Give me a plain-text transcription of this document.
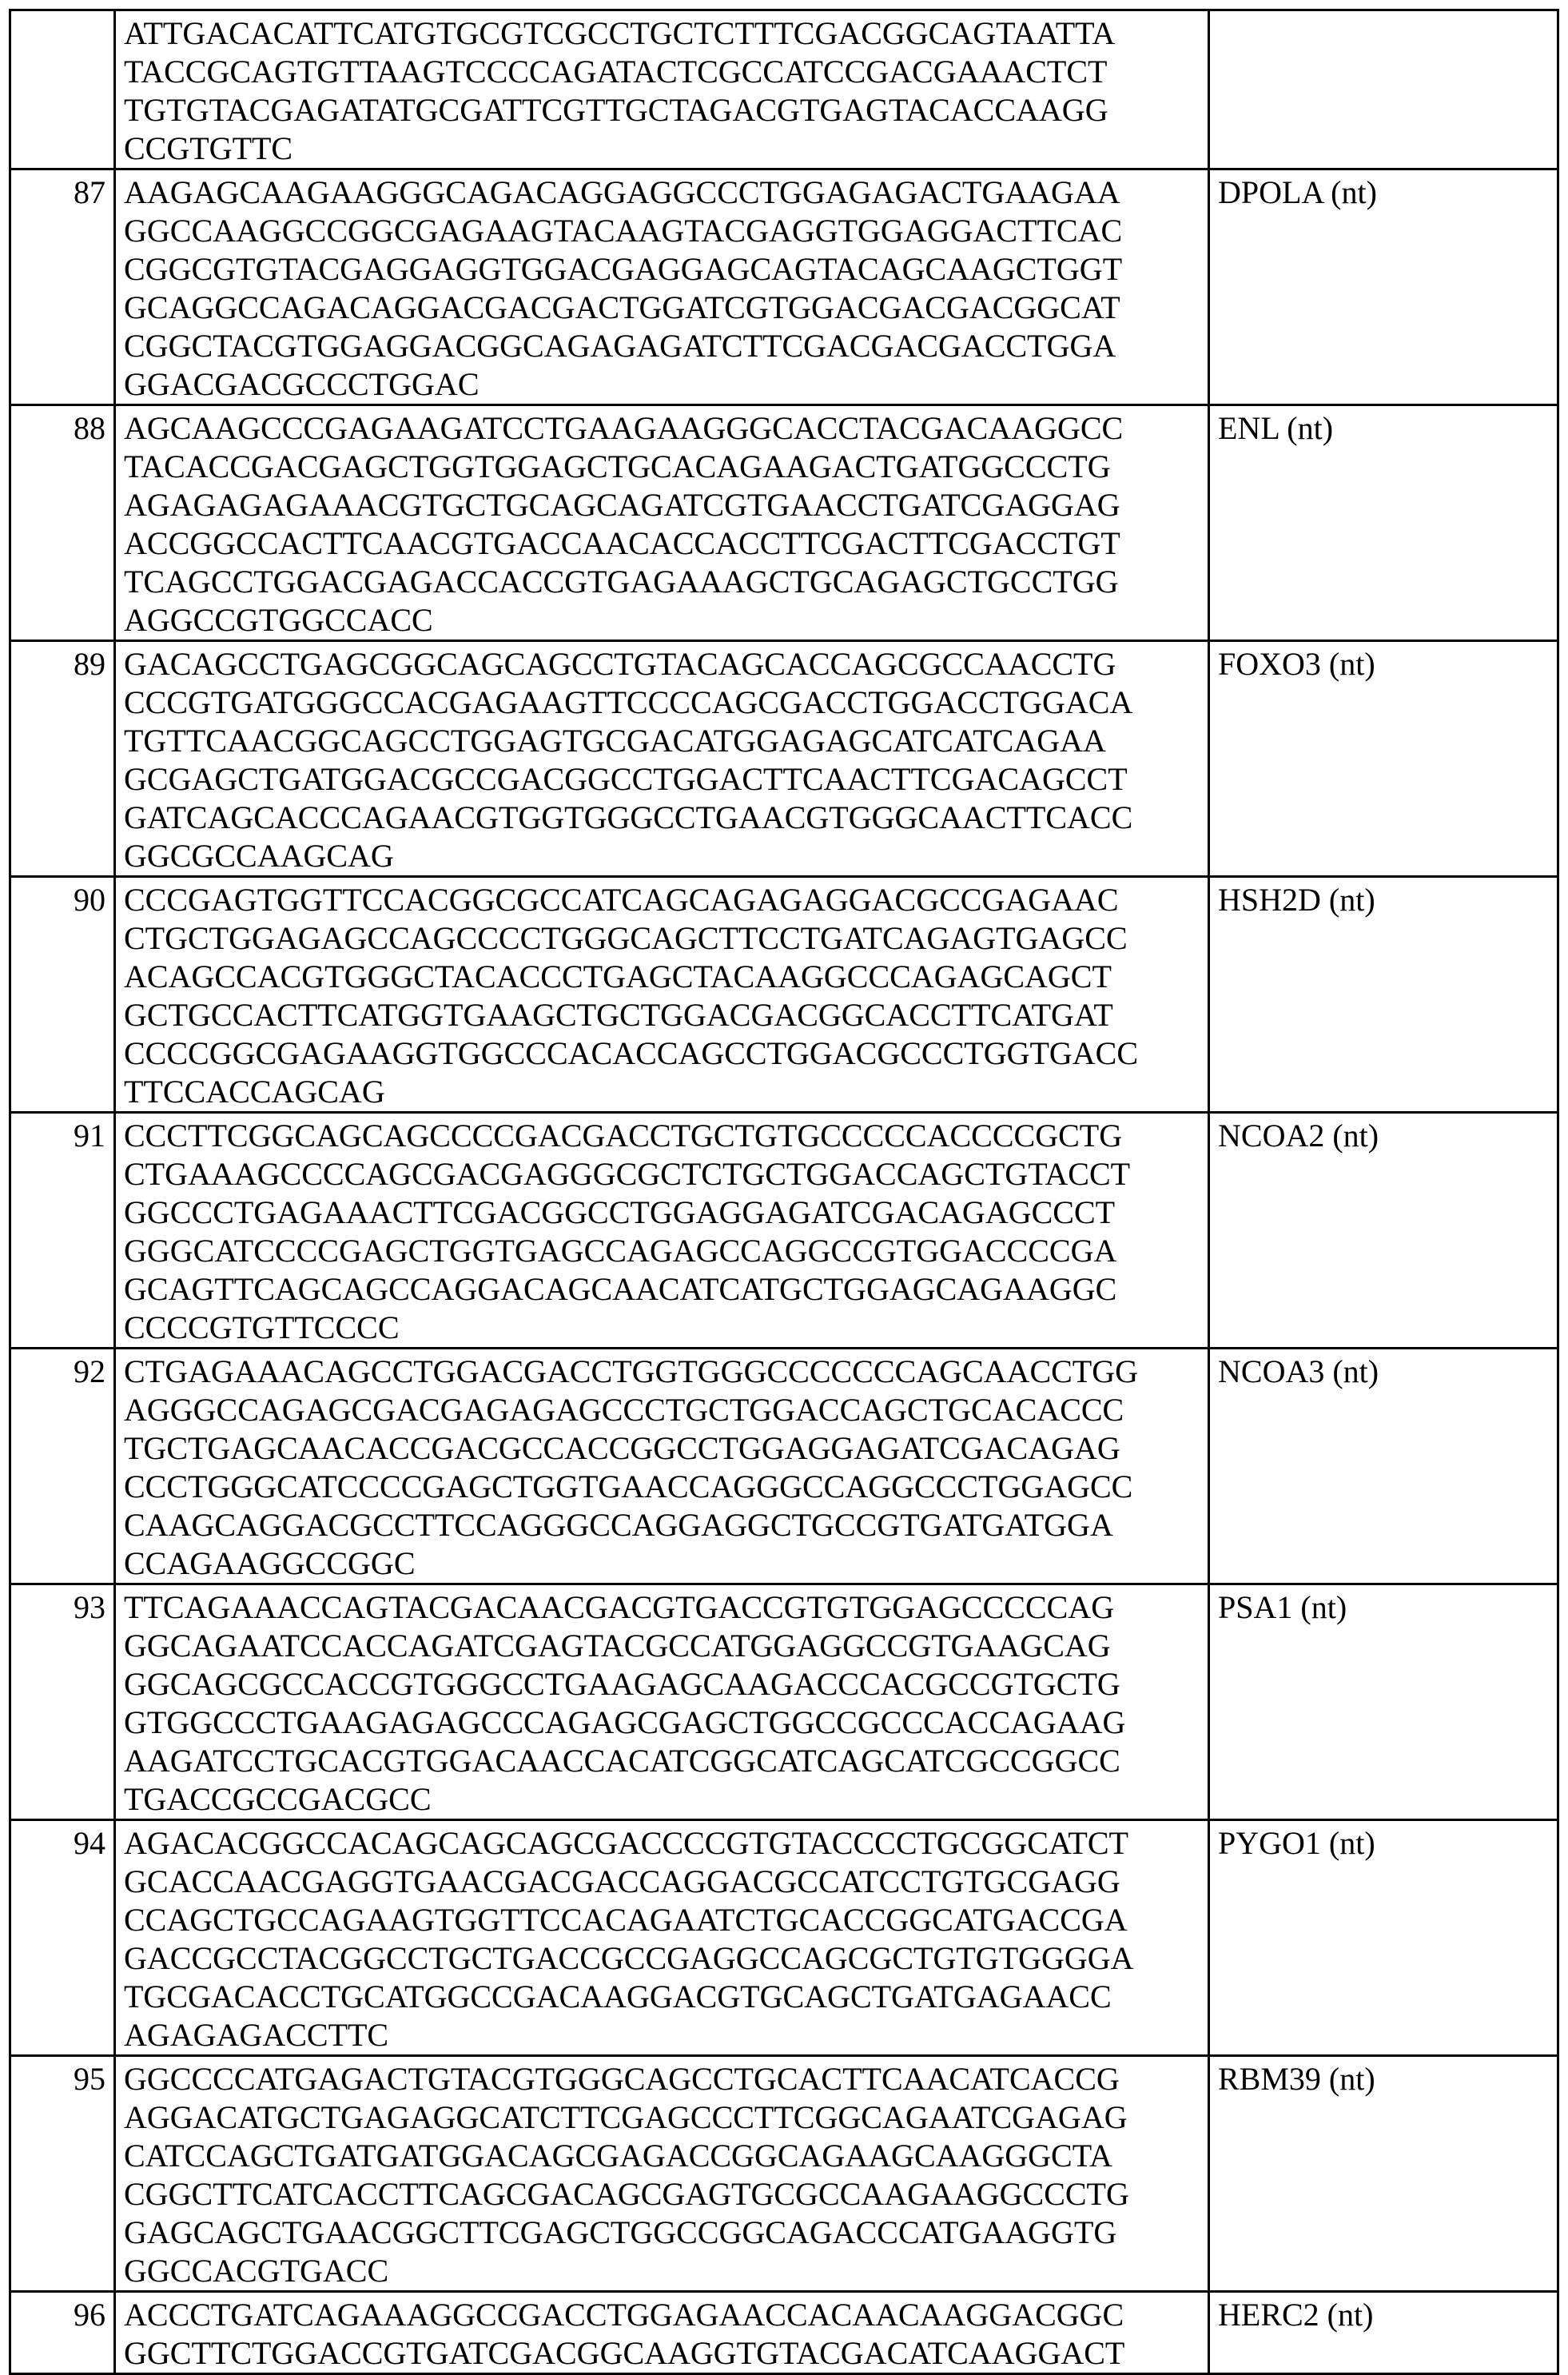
	ATTGACACATTCATGTGCGTCGCCTGCTCTTTCGACGGCAGTAATTA
TACCGCAGTGTTAAGTCCCCAGATACTCGCCATCCGACGAAACTCT
TGTGTACGAGATATGCGATTCGTTGCTAGACGTGAGTACACCAAGG
CCGTGTTC	

87	AAGAGCAAGAAGGGCAGACAGGAGGCCCTGGAGAGACTGAAGAA
GGCCAAGGCCGGCGAGAAGTACAAGTACGAGGTGGAGGACTTCAC
CGGCGTGTACGAGGAGGTGGACGAGGAGCAGTACAGCAAGCTGGT
GCAGGCCAGACAGGACGACGACTGGATCGTGGACGACGACGGCAT
CGGCTACGTGGAGGACGGCAGAGAGATCTTCGACGACGACCTGGA
GGACGACGCCCTGGAC
	DPOLA (nt)
88	AGCAAGCCCGAGAAGATCCTGAAGAAGGGCACCTACGACAAGGCC
TACACCGACGAGCTGGTGGAGCTGCACAGAAGACTGATGGCCCTG
AGAGAGAGAAACGTGCTGCAGCAGATCGTGAACCTGATCGAGGAG
ACCGGCCACTTCAACGTGACCAACACCACCTTCGACTTCGACCTGT
TCAGCCTGGACGAGACCACCGTGAGAAAGCTGCAGAGCTGCCTGG
AGGCCGTGGCCACC
	ENL (nt)
89	GACAGCCTGAGCGGCAGCAGCCTGTACAGCACCAGCGCCAACCTG
CCCGTGATGGGCCACGAGAAGTTCCCCAGCGACCTGGACCTGGACA
TGTTCAACGGCAGCCTGGAGTGCGACATGGAGAGCATCATCAGAA
GCGAGCTGATGGACGCCGACGGCCTGGACTTCAACTTCGACAGCCT
GATCAGCACCCAGAACGTGGTGGGCCTGAACGTGGGCAACTTCACC
GGCGCCAAGCAG
	FOXO3 (nt)
90	CCCGAGTGGTTCCACGGCGCCATCAGCAGAGAGGACGCCGAGAAC
CTGCTGGAGAGCCAGCCCCTGGGCAGCTTCCTGATCAGAGTGAGCC
ACAGCCACGTGGGCTACACCCTGAGCTACAAGGCCCAGAGCAGCT
GCTGCCACTTCATGGTGAAGCTGCTGGACGACGGCACCTTCATGAT
CCCCGGCGAGAAGGTGGCCCACACCAGCCTGGACGCCCTGGTGACC
TTCCACCAGCAG
	HSH2D (nt)
91	CCCTTCGGCAGCAGCCCCGACGACCTGCTGTGCCCCCACCCCGCTG
CTGAAAGCCCCAGCGACGAGGGCGCTCTGCTGGACCAGCTGTACCT
GGCCCTGAGAAACTTCGACGGCCTGGAGGAGATCGACAGAGCCCT
GGGCATCCCCGAGCTGGTGAGCCAGAGCCAGGCCGTGGACCCCGA
GCAGTTCAGCAGCCAGGACAGCAACATCATGCTGGAGCAGAAGGC
CCCCGTGTTCCCC
	NCOA2 (nt)
92	CTGAGAAACAGCCTGGACGACCTGGTGGGCCCCCCCAGCAACCTGG
AGGGCCAGAGCGACGAGAGAGCCCTGCTGGACCAGCTGCACACCC
TGCTGAGCAACACCGACGCCACCGGCCTGGAGGAGATCGACAGAG
CCCTGGGCATCCCCGAGCTGGTGAACCAGGGCCAGGCCCTGGAGCC
CAAGCAGGACGCCTTCCAGGGCCAGGAGGCTGCCGTGATGATGGA
CCAGAAGGCCGGC
	NCOA3 (nt)
93	TTCAGAAACCAGTACGACAACGACGTGACCGTGTGGAGCCCCCAG
GGCAGAATCCACCAGATCGAGTACGCCATGGAGGCCGTGAAGCAG
GGCAGCGCCACCGTGGGCCTGAAGAGCAAGACCCACGCCGTGCTG
GTGGCCCTGAAGAGAGCCCAGAGCGAGCTGGCCGCCCACCAGAAG
AAGATCCTGCACGTGGACAACCACATCGGCATCAGCATCGCCGGCC
TGACCGCCGACGCC
	PSA1 (nt)
94	AGACACGGCCACAGCAGCAGCGACCCCGTGTACCCCTGCGGCATCT
GCACCAACGAGGTGAACGACGACCAGGACGCCATCCTGTGCGAGG
CCAGCTGCCAGAAGTGGTTCCACAGAATCTGCACCGGCATGACCGA
GACCGCCTACGGCCTGCTGACCGCCGAGGCCAGCGCTGTGTGGGGA
TGCGACACCTGCATGGCCGACAAGGACGTGCAGCTGATGAGAACC
AGAGAGACCTTC
	PYGO1 (nt)
95	GGCCCCATGAGACTGTACGTGGGCAGCCTGCACTTCAACATCACCG
AGGACATGCTGAGAGGCATCTTCGAGCCCTTCGGCAGAATCGAGAG
CATCCAGCTGATGATGGACAGCGAGACCGGCAGAAGCAAGGGCTA
CGGCTTCATCACCTTCAGCGACAGCGAGTGCGCCAAGAAGGCCCTG
GAGCAGCTGAACGGCTTCGAGCTGGCCGGCAGACCCATGAAGGTG
GGCCACGTGACC
	RBM39 (nt)
96	ACCCTGATCAGAAAGGCCGACCTGGAGAACCACAACAAGGACGGC
GGCTTCTGGACCGTGATCGACGGCAAGGTGTACGACATCAAGGACT	HERC2 (nt)
